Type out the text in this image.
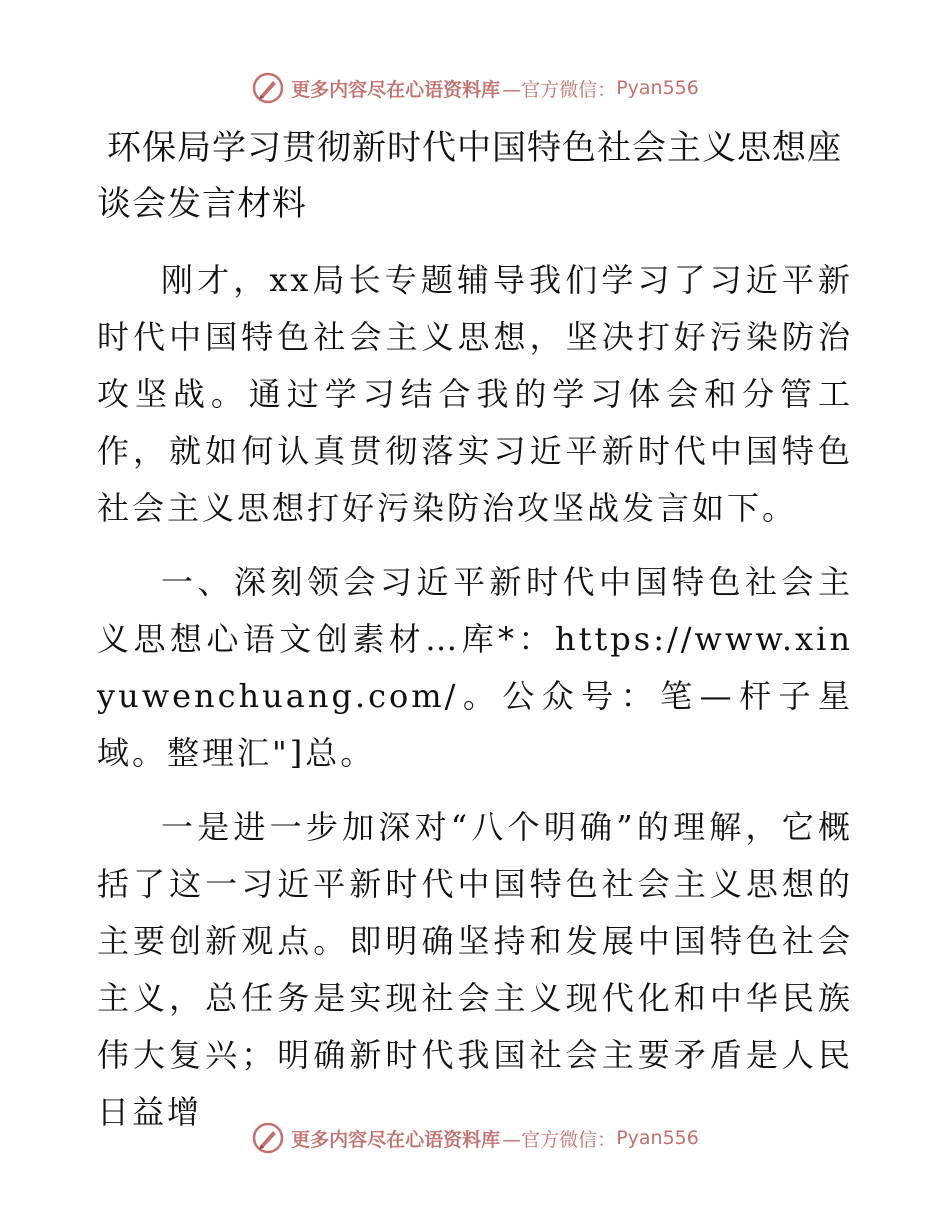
更多内容尽在心语资料库 —官方微信： Pyan556
环保局学习贯彻新时代中国特色社会主义思想座谈会发言材料

刚才，xx局长专题辅导我们学习了习近平新时代中国特色社会主义思想，坚决打好污染防治攻坚战。通过学习结合我的学习体会和分管工作，就如何认真贯彻落实习近平新时代中国特色社会主义思想打好污染防治攻坚战发言如下。

一、深刻领会习近平新时代中国特色社会主义思想心语文创素材…库*：https://www.xinyuwenchuang.com/。公众号：笔—杆子星域。整理汇"]总。

一是进一步加深对“八个明确”的理解，它概括了这一习近平新时代中国特色社会主义思想的主要创新观点。即明确坚持和发展中国特色社会主义，总任务是实现社会主义现代化和中华民族伟大复兴；明确新时代我国社会主要矛盾是人民日益增

更多内容尽在心语资料库 —官方微信： Pyan556
